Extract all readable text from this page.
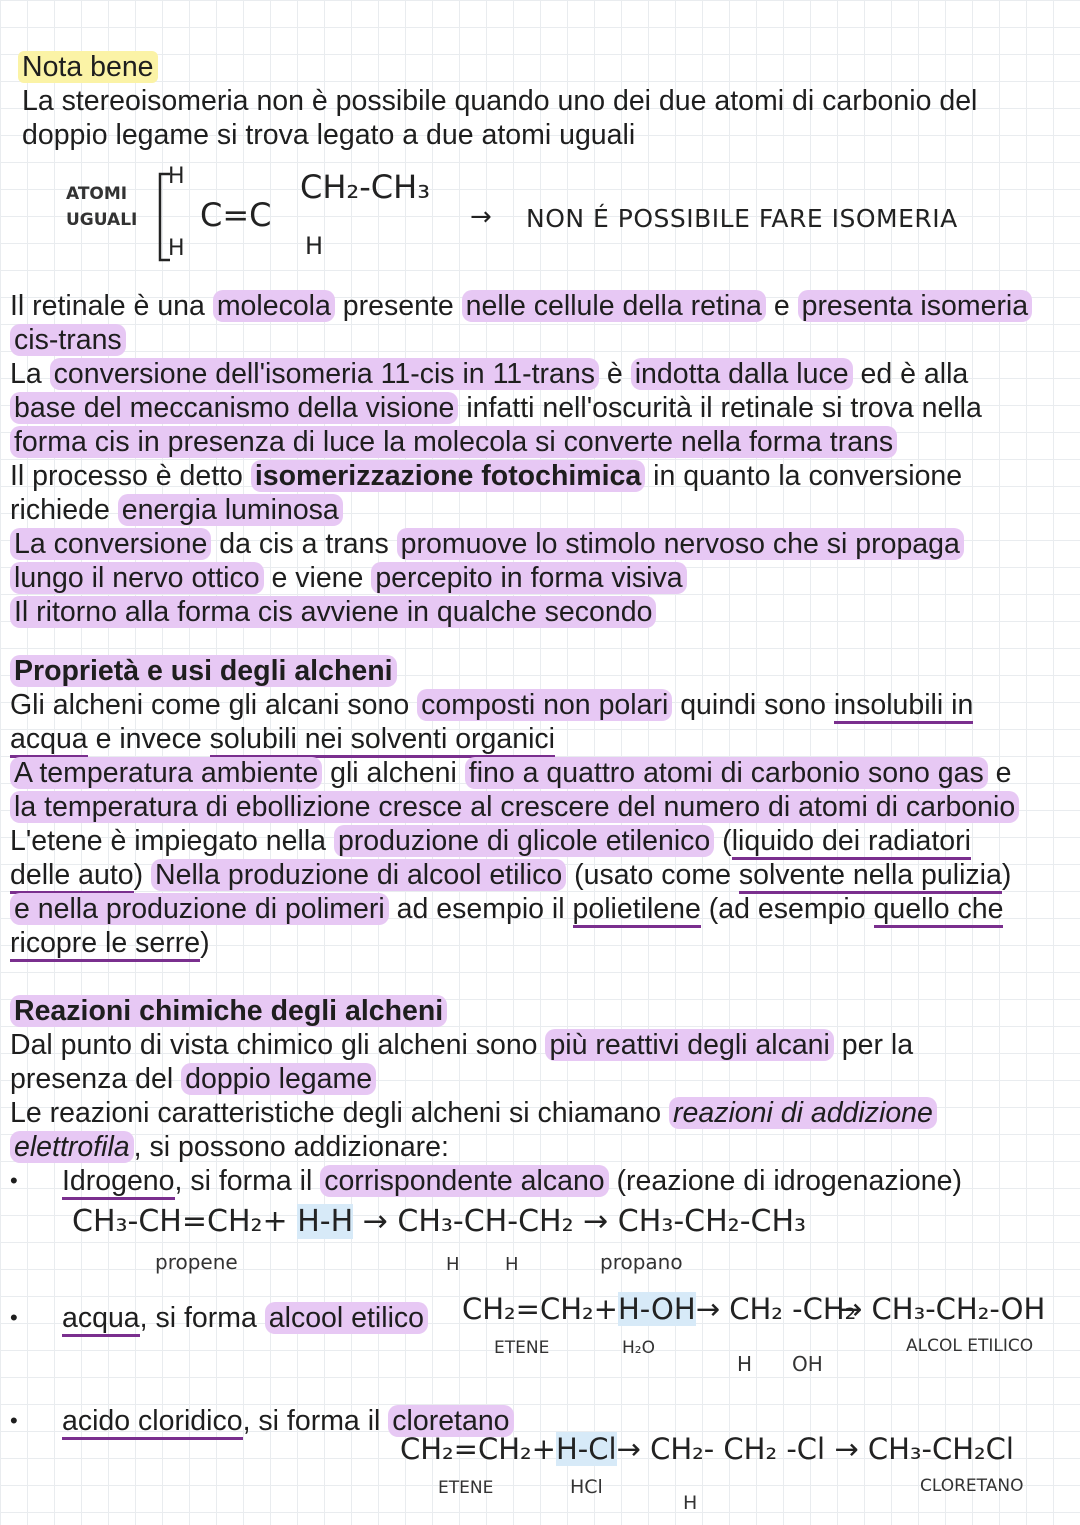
Nota bene
La stereoisomeria non è possibile quando uno dei due atomi di carbonio del
doppio legame si trova legato a due atomi uguali
ATOMI
UGUALI
H
H
C=C
CH₂-CH₃
H
→ NON É POSSIBILE FARE ISOMERIA
Il retinale è una molecola presente nelle cellule della retina e presenta isomeria
cis-trans
La conversione dell'isomeria 11-cis in 11-trans è indotta dalla luce ed è alla
base del meccanismo della visione infatti nell'oscurità il retinale si trova nella
forma cis in presenza di luce la molecola si converte nella forma trans
Il processo è detto isomerizzazione fotochimica in quanto la conversione
richiede energia luminosa
La conversione da cis a trans promuove lo stimolo nervoso che si propaga
lungo il nervo ottico e viene percepito in forma visiva
Il ritorno alla forma cis avviene in qualche secondo
Proprietà e usi degli alcheni
Gli alcheni come gli alcani sono composti non polari quindi sono insolubili in
acqua e invece solubili nei solventi organici
A temperatura ambiente gli alcheni fino a quattro atomi di carbonio sono gas e
la temperatura di ebollizione cresce al crescere del numero di atomi di carbonio
L'etene è impiegato nella produzione di glicole etilenico (liquido dei radiatori
delle auto) Nella produzione di alcool etilico (usato come solvente nella pulizia)
e nella produzione di polimeri ad esempio il polietilene (ad esempio quello che
ricopre le serre)
Reazioni chimiche degli alcheni
Dal punto di vista chimico gli alcheni sono più reattivi degli alcani per la
presenza del doppio legame
Le reazioni caratteristiche degli alcheni si chiamano reazioni di addizione
elettrofila , si possono addizionare:
• Idrogeno, si forma il corrispondente alcano (reazione di idrogenazione)
CH₃-CH=CH₂+ H-H → CH₃-CH-CH₂ → CH₃-CH₂-CH₃
propene	H	H	propano
• acqua, si forma alcool etilico CH₂=CH₂+H-OH→ CH₂ -CH₂
→ CH₃-CH₂-OH
ETENE	H₂O
H OH
ALCOL ETILICO
• acido cloridico, si forma il cloretano
CH₂=CH₂+H-Cl→ CH₂- CH₂ -Cl → CH₃-CH₂Cl
ETENE	HCl
H
CLORETANO
